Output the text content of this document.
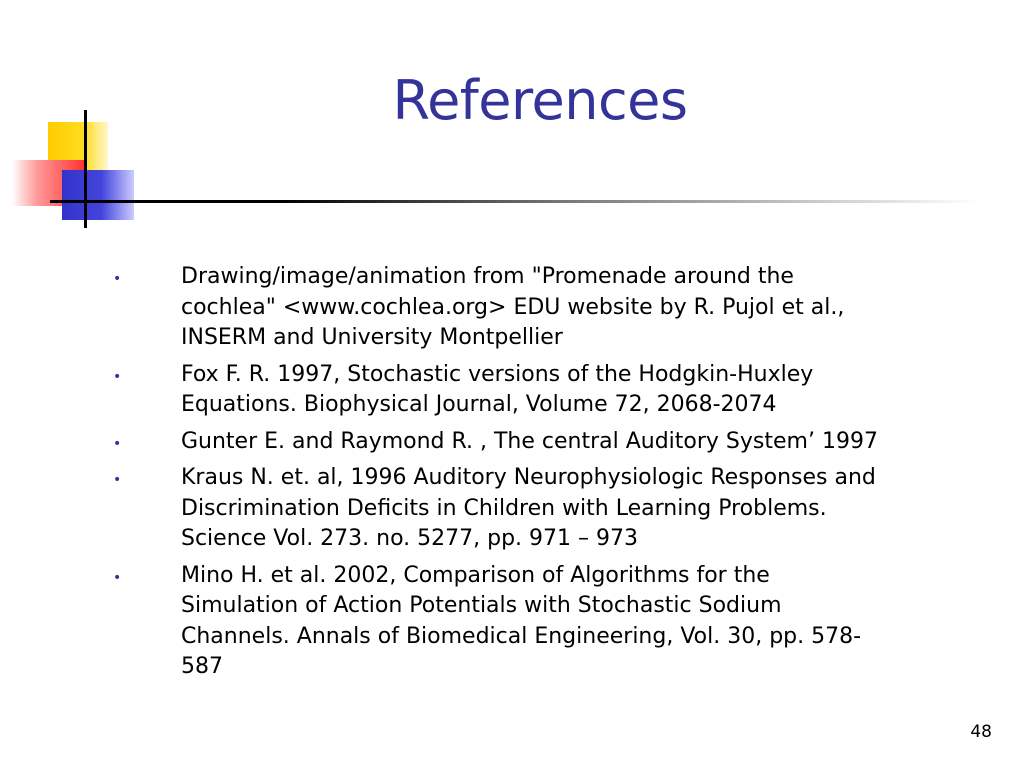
References
•	Drawing/image/animation from "Promenade around the
cochlea" <www.cochlea.org> EDU website by R. Pujol et al.,
INSERM and University Montpellier
•	Fox F. R. 1997, Stochastic versions of the Hodgkin-Huxley
Equations. Biophysical Journal, Volume 72, 2068-2074
•	Gunter E. and Raymond R. , The central Auditory System’ 1997
•	Kraus N. et. al, 1996 Auditory Neurophysiologic Responses and
Discrimination Deficits in Children with Learning Problems.
Science Vol. 273. no. 5277, pp. 971 – 973
•	Mino H. et al. 2002, Comparison of Algorithms for the
Simulation of Action Potentials with Stochastic Sodium
Channels. Annals of Biomedical Engineering, Vol. 30, pp. 578-
587
48
